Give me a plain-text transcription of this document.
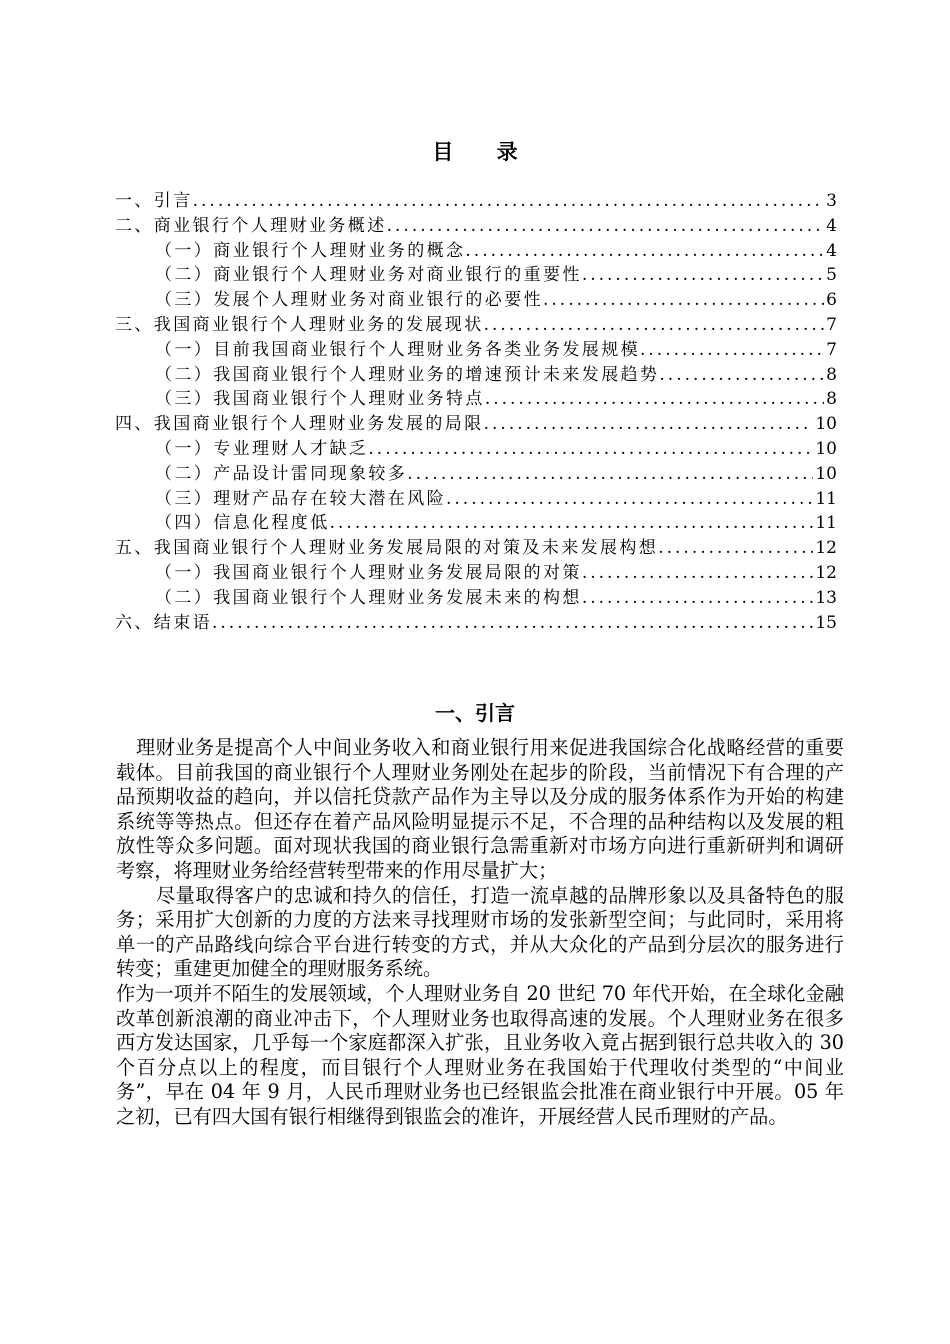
目 录
一、引言 .....	3
二、商业银行个人理财业务概述 .....	4
（一）商业银行个人理财业务的概念 .....	4
（二）商业银行个人理财业务对商业银行的重要性 .....	5
（三）发展个人理财业务对商业银行的必要性 .....	6
三、我国商业银行个人理财业务的发展现状 .....	7
（一）目前我国商业银行个人理财业务各类业务发展规模 .....	7
（二）我国商业银行个人理财业务的增速预计未来发展趋势 .....	8
（三）我国商业银行个人理财业务特点 .....	8
四、我国商业银行个人理财业务发展的局限 .....	10
（一）专业理财人才缺乏 .....	10
（二）产品设计雷同现象较多 .....	10
（三）理财产品存在较大潜在风险 .....	11
（四）信息化程度低 .....	11
五、我国商业银行个人理财业务发展局限的对策及未来发展构想 .....	12
（一）我国商业银行个人理财业务发展局限的对策 .....	12
（二）我国商业银行个人理财业务发展未来的构想 .....	13
六、结束语 .....	15
一、引言

理财业务是提高个人中间业务收入和商业银行用来促进我国综合化战略经营的重要载体。目前我国的商业银行个人理财业务刚处在起步的阶段，当前情况下有合理的产品预期收益的趋向，并以信托贷款产品作为主导以及分成的服务体系作为开始的构建系统等等热点。但还存在着产品风险明显提示不足，不合理的品种结构以及发展的粗放性等众多问题。面对现状我国的商业银行急需重新对市场方向进行重新研判和调研考察，将理财业务给经营转型带来的作用尽量扩大；

尽量取得客户的忠诚和持久的信任，打造一流卓越的品牌形象以及具备特色的服务；采用扩大创新的力度的方法来寻找理财市场的发张新型空间；与此同时，采用将单一的产品路线向综合平台进行转变的方式，并从大众化的产品到分层次的服务进行转变；重建更加健全的理财服务系统。

作为一项并不陌生的发展领域，个人理财业务自 20 世纪 70 年代开始，在全球化金融改革创新浪潮的商业冲击下，个人理财业务也取得高速的发展。个人理财业务在很多西方发达国家，几乎每一个家庭都深入扩张，且业务收入竟占据到银行总共收入的 30 个百分点以上的程度，而目银行个人理财业务在我国始于代理收付类型的“中间业务”，早在 04 年 9 月，人民币理财业务也已经银监会批准在商业银行中开展。05 年之初，已有四大国有银行相继得到银监会的准许，开展经营人民币理财的产品。
